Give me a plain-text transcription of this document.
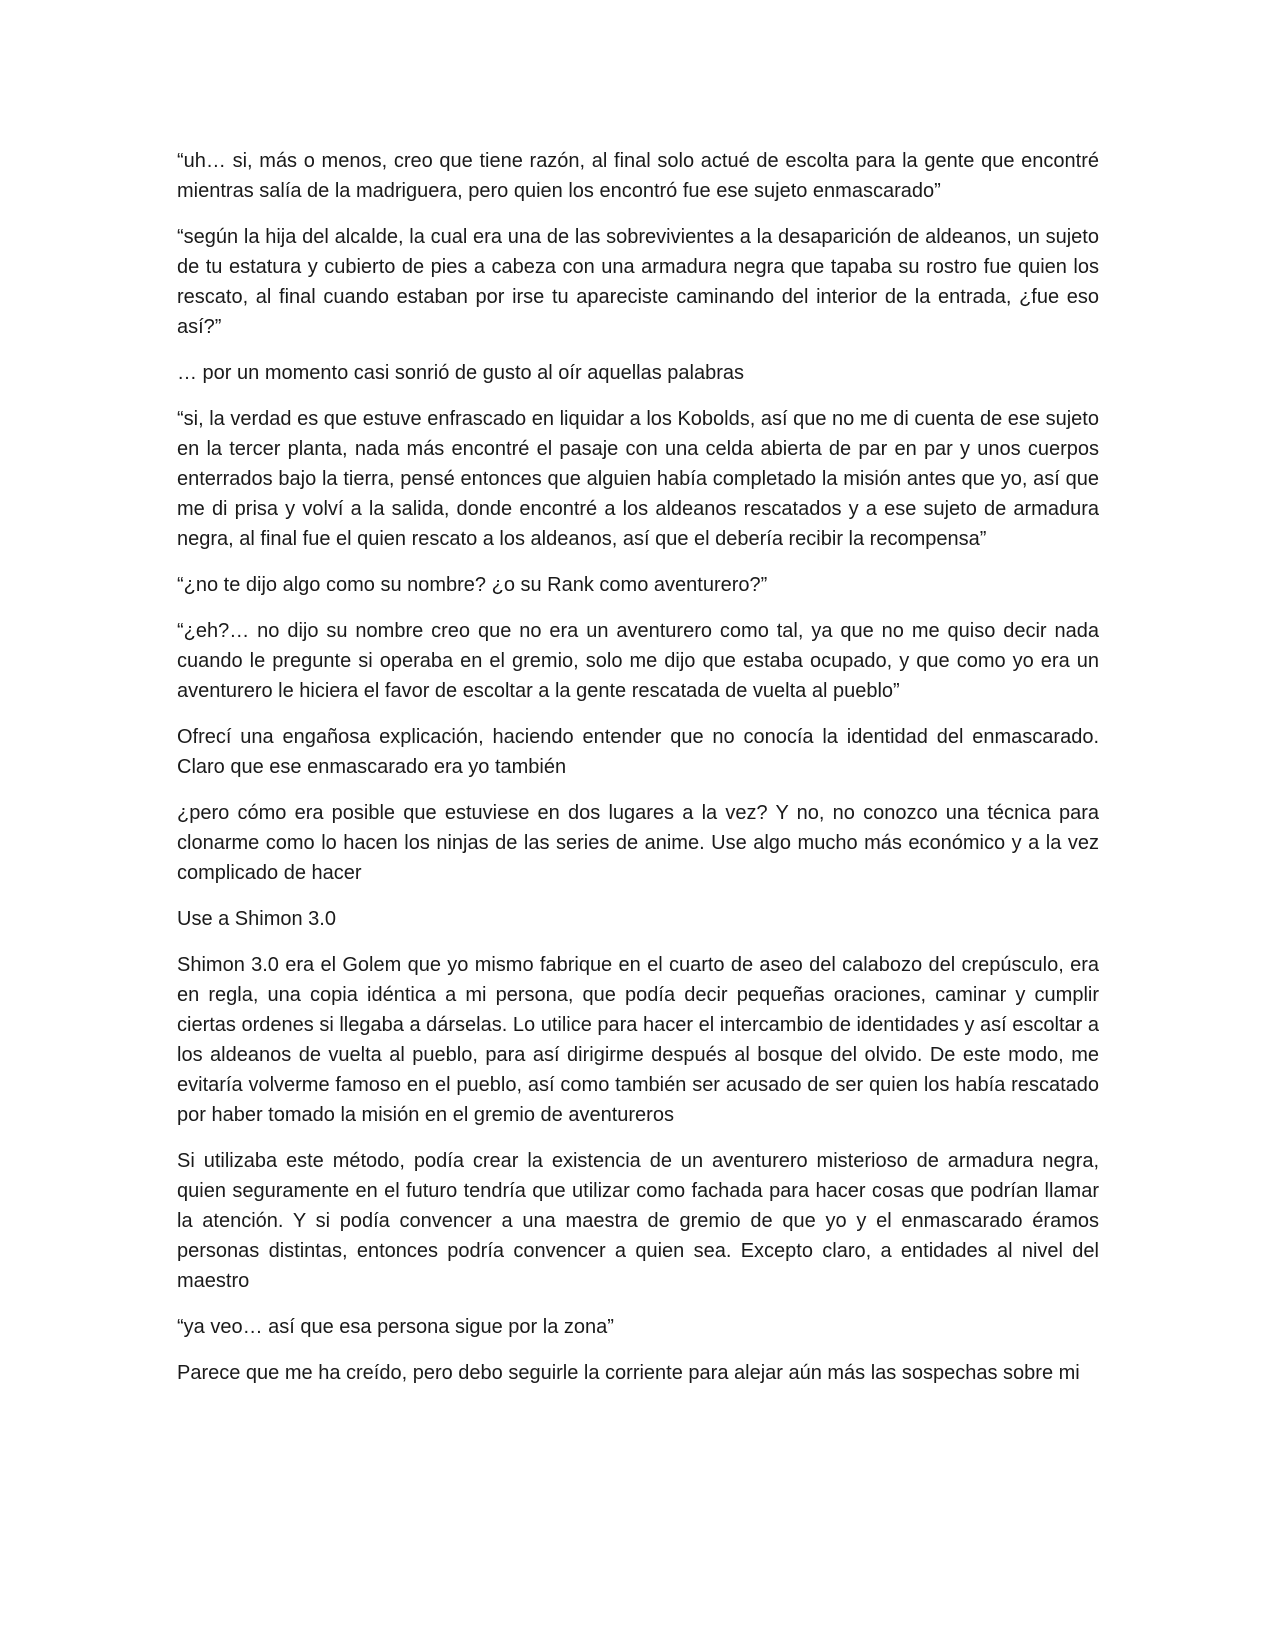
“uh… si, más o menos, creo que tiene razón, al final solo actué de escolta para la gente que encontré mientras salía de la madriguera, pero quien los encontró fue ese sujeto enmascarado”

“según la hija del alcalde, la cual era una de las sobrevivientes a la desaparición de aldeanos, un sujeto de tu estatura y cubierto de pies a cabeza con una armadura negra que tapaba su rostro fue quien los rescato, al final cuando estaban por irse tu apareciste caminando del interior de la entrada, ¿fue eso así?”

… por un momento casi sonrió de gusto al oír aquellas palabras

“si, la verdad es que estuve enfrascado en liquidar a los Kobolds, así que no me di cuenta de ese sujeto en la tercer planta, nada más encontré el pasaje con una celda abierta de par en par y unos cuerpos enterrados bajo la tierra, pensé entonces que alguien había completado la misión antes que yo, así que me di prisa y volví a la salida, donde encontré a los aldeanos rescatados y a ese sujeto de armadura negra, al final fue el quien rescato a los aldeanos, así que el debería recibir la recompensa”

“¿no te dijo algo como su nombre? ¿o su Rank como aventurero?”

“¿eh?… no dijo su nombre creo que no era un aventurero como tal, ya que no me quiso decir nada cuando le pregunte si operaba en el gremio, solo me dijo que estaba ocupado, y que como yo era un aventurero le hiciera el favor de escoltar a la gente rescatada de vuelta al pueblo”

Ofrecí una engañosa explicación, haciendo entender que no conocía la identidad del enmascarado. Claro que ese enmascarado era yo también

¿pero cómo era posible que estuviese en dos lugares a la vez? Y no, no conozco una técnica para clonarme como lo hacen los ninjas de las series de anime. Use algo mucho más económico y a la vez complicado de hacer

Use a Shimon 3.0

Shimon 3.0 era el Golem que yo mismo fabrique en el cuarto de aseo del calabozo del crepúsculo, era en regla, una copia idéntica a mi persona, que podía decir pequeñas oraciones, caminar y cumplir ciertas ordenes si llegaba a dárselas. Lo utilice para hacer el intercambio de identidades y así escoltar a los aldeanos de vuelta al pueblo, para así dirigirme después al bosque del olvido. De este modo, me evitaría volverme famoso en el pueblo, así como también ser acusado de ser quien los había rescatado por haber tomado la misión en el gremio de aventureros

Si utilizaba este método, podía crear la existencia de un aventurero misterioso de armadura negra, quien seguramente en el futuro tendría que utilizar como fachada para hacer cosas que podrían llamar la atención. Y si podía convencer a una maestra de gremio de que yo y el enmascarado éramos personas distintas, entonces podría convencer a quien sea. Excepto claro, a entidades al nivel del maestro

“ya veo… así que esa persona sigue por la zona”

Parece que me ha creído, pero debo seguirle la corriente para alejar aún más las sospechas sobre mi
